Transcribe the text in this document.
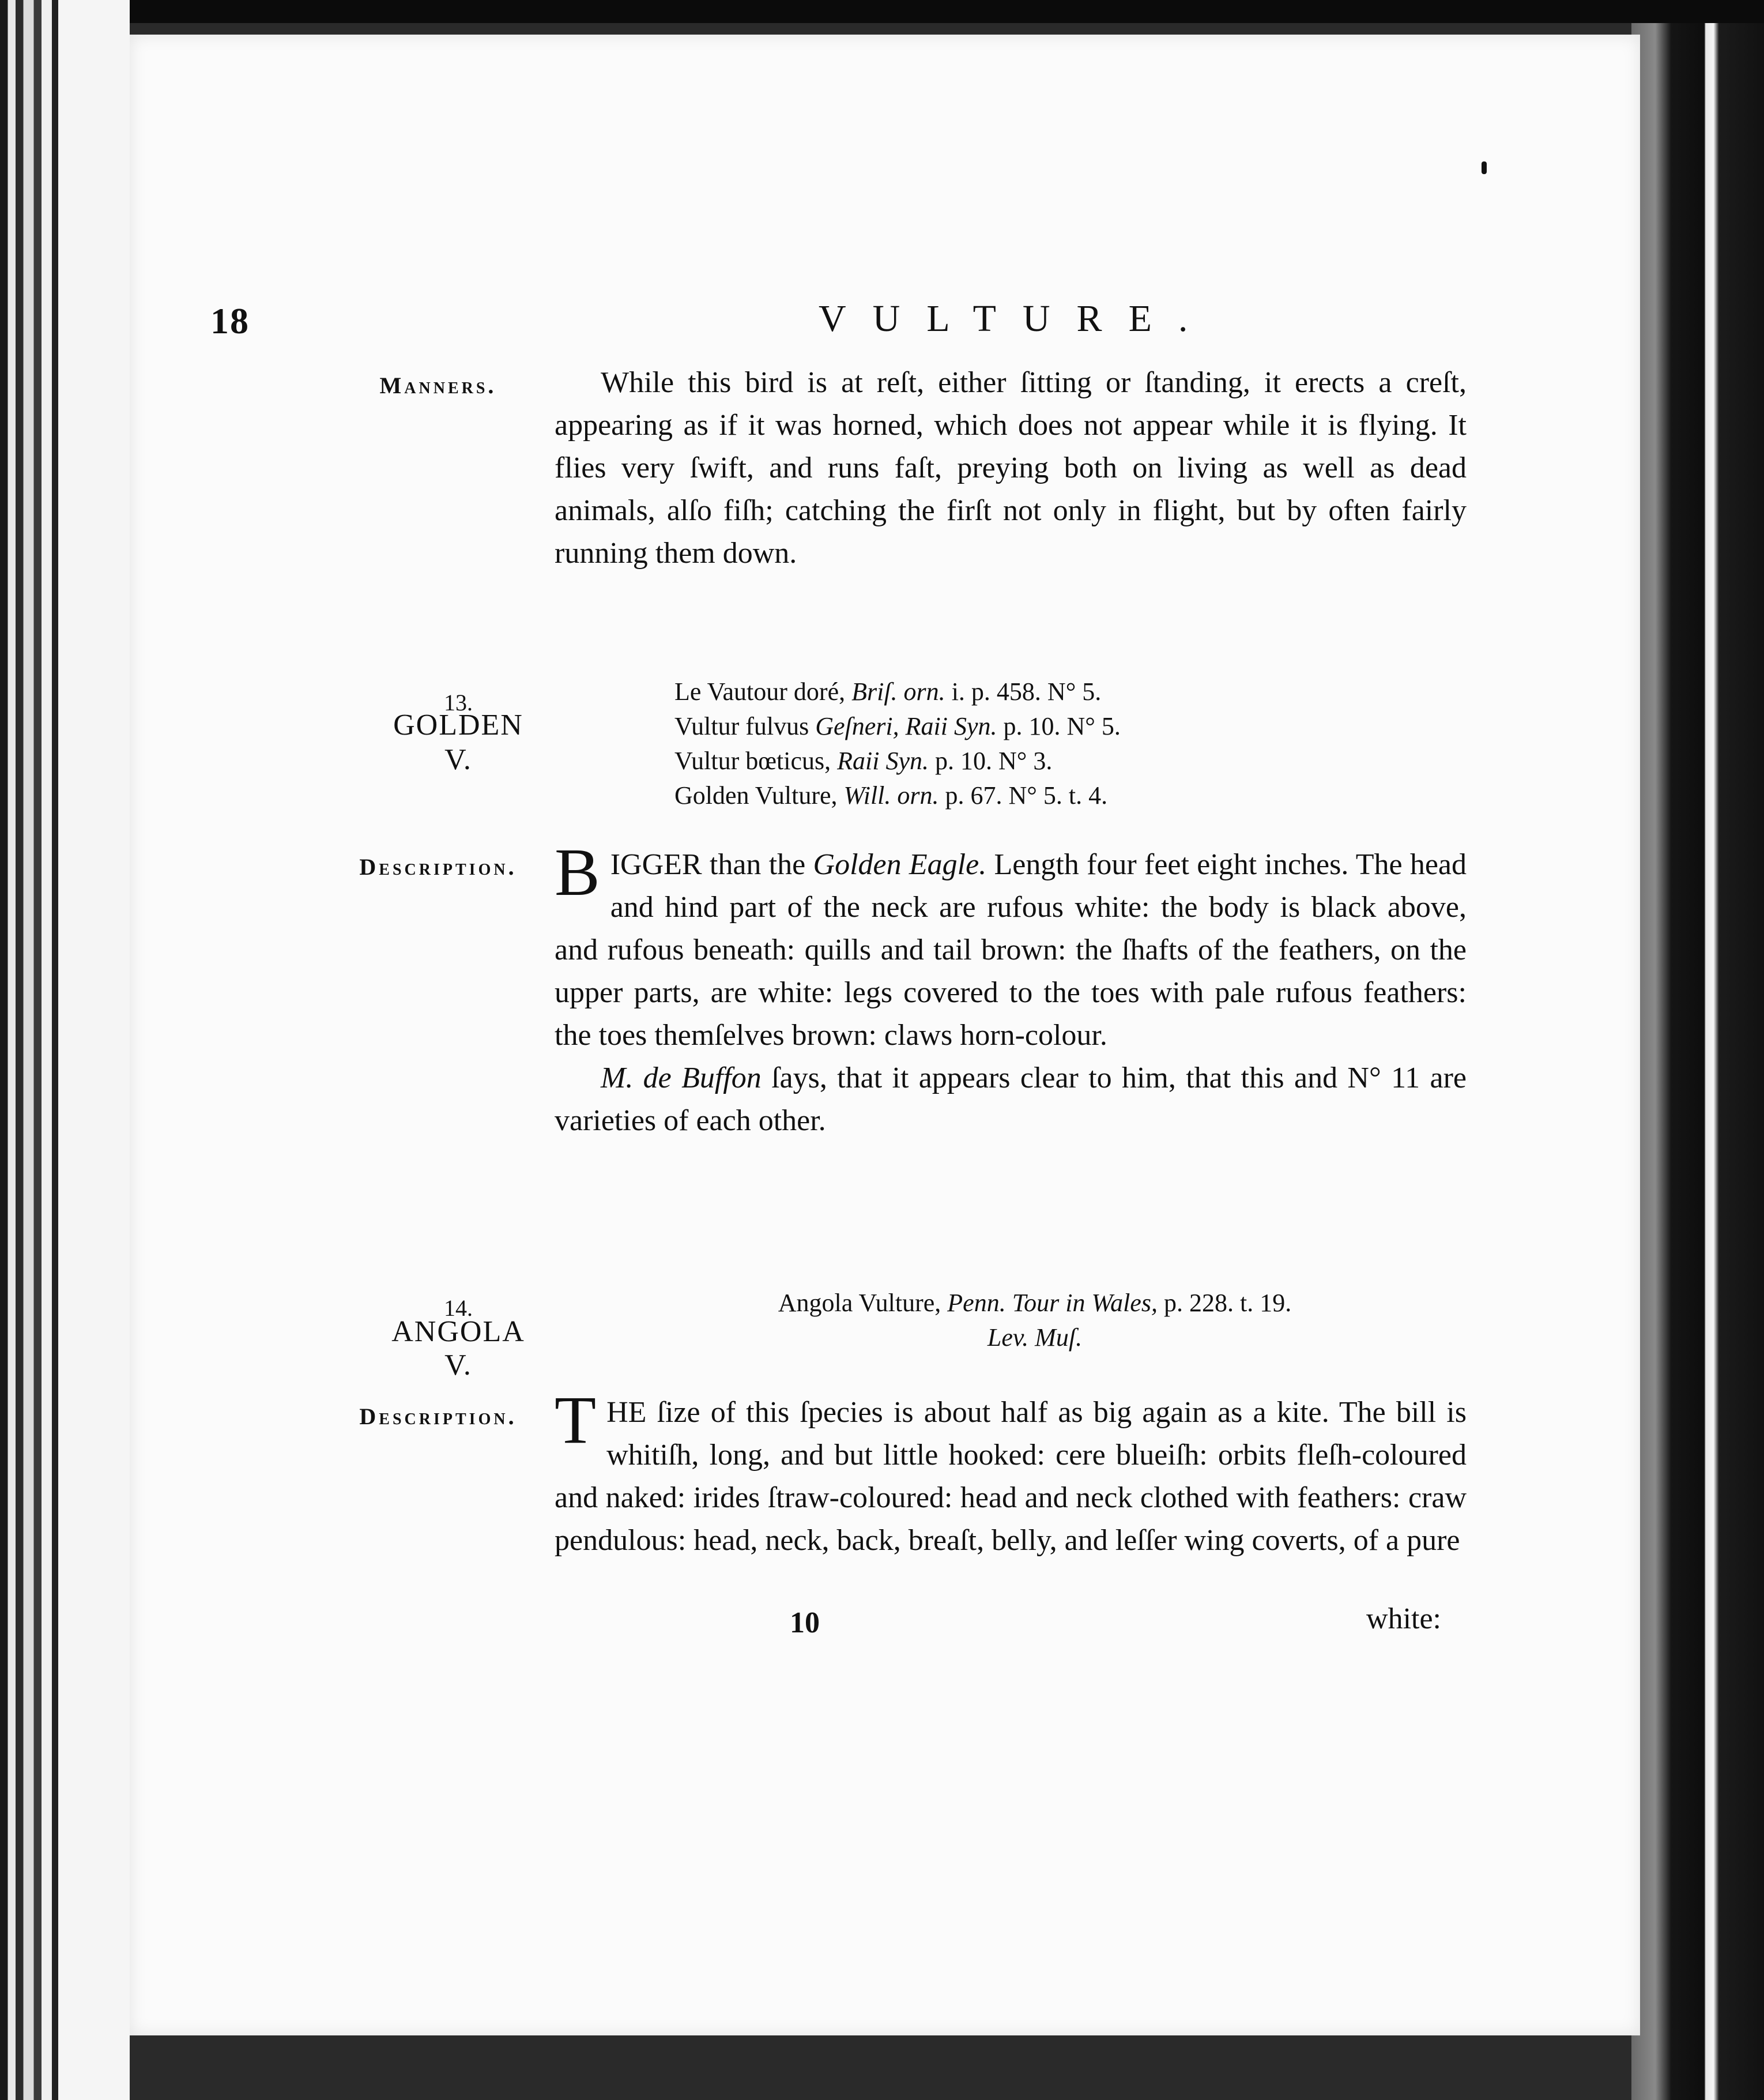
18	VULTURE.
Manners.	While this bird is at reſt, either ſitting or ſtanding, it erects a creſt, appearing as if it was horned, which does not appear while it is flying. It flies very ſwift, and runs faſt, preying both on living as well as dead animals, alſo fiſh; catching the firſt not only in flight, but by often fairly running them down.

13.
GOLDEN
V.
Le Vautour doré, Briſ. orn. i. p. 458. N° 5.
Vultur fulvus Geſneri, Raii Syn. p. 10. N° 5.
Vultur bœticus, Raii Syn. p. 10. N° 3.
Golden Vulture, Will. orn. p. 67. N° 5. t. 4.
Description. BIGGER than the Golden Eagle. Length four feet eight inches. The head and hind part of the neck are rufous white: the body is black above, and rufous beneath: quills and tail brown: the ſhafts of the feathers, on the upper parts, are white: legs covered to the toes with pale rufous feathers: the toes themſelves brown: claws horn-colour.

M. de Buffon ſays, that it appears clear to him, that this and N° 11 are varieties of each other.

14.
ANGOLA
V.
Angola Vulture, Penn. Tour in Wales, p. 228. t. 19.
Lev. Muſ.
Description. THE ſize of this ſpecies is about half as big again as a kite. The bill is whitiſh, long, and but little hooked: cere blueiſh: orbits fleſh-coloured and naked: irides ſtraw-coloured: head and neck clothed with feathers: craw pendulous: head, neck, back, breaſt, belly, and leſſer wing coverts, of a pure

10	white:
